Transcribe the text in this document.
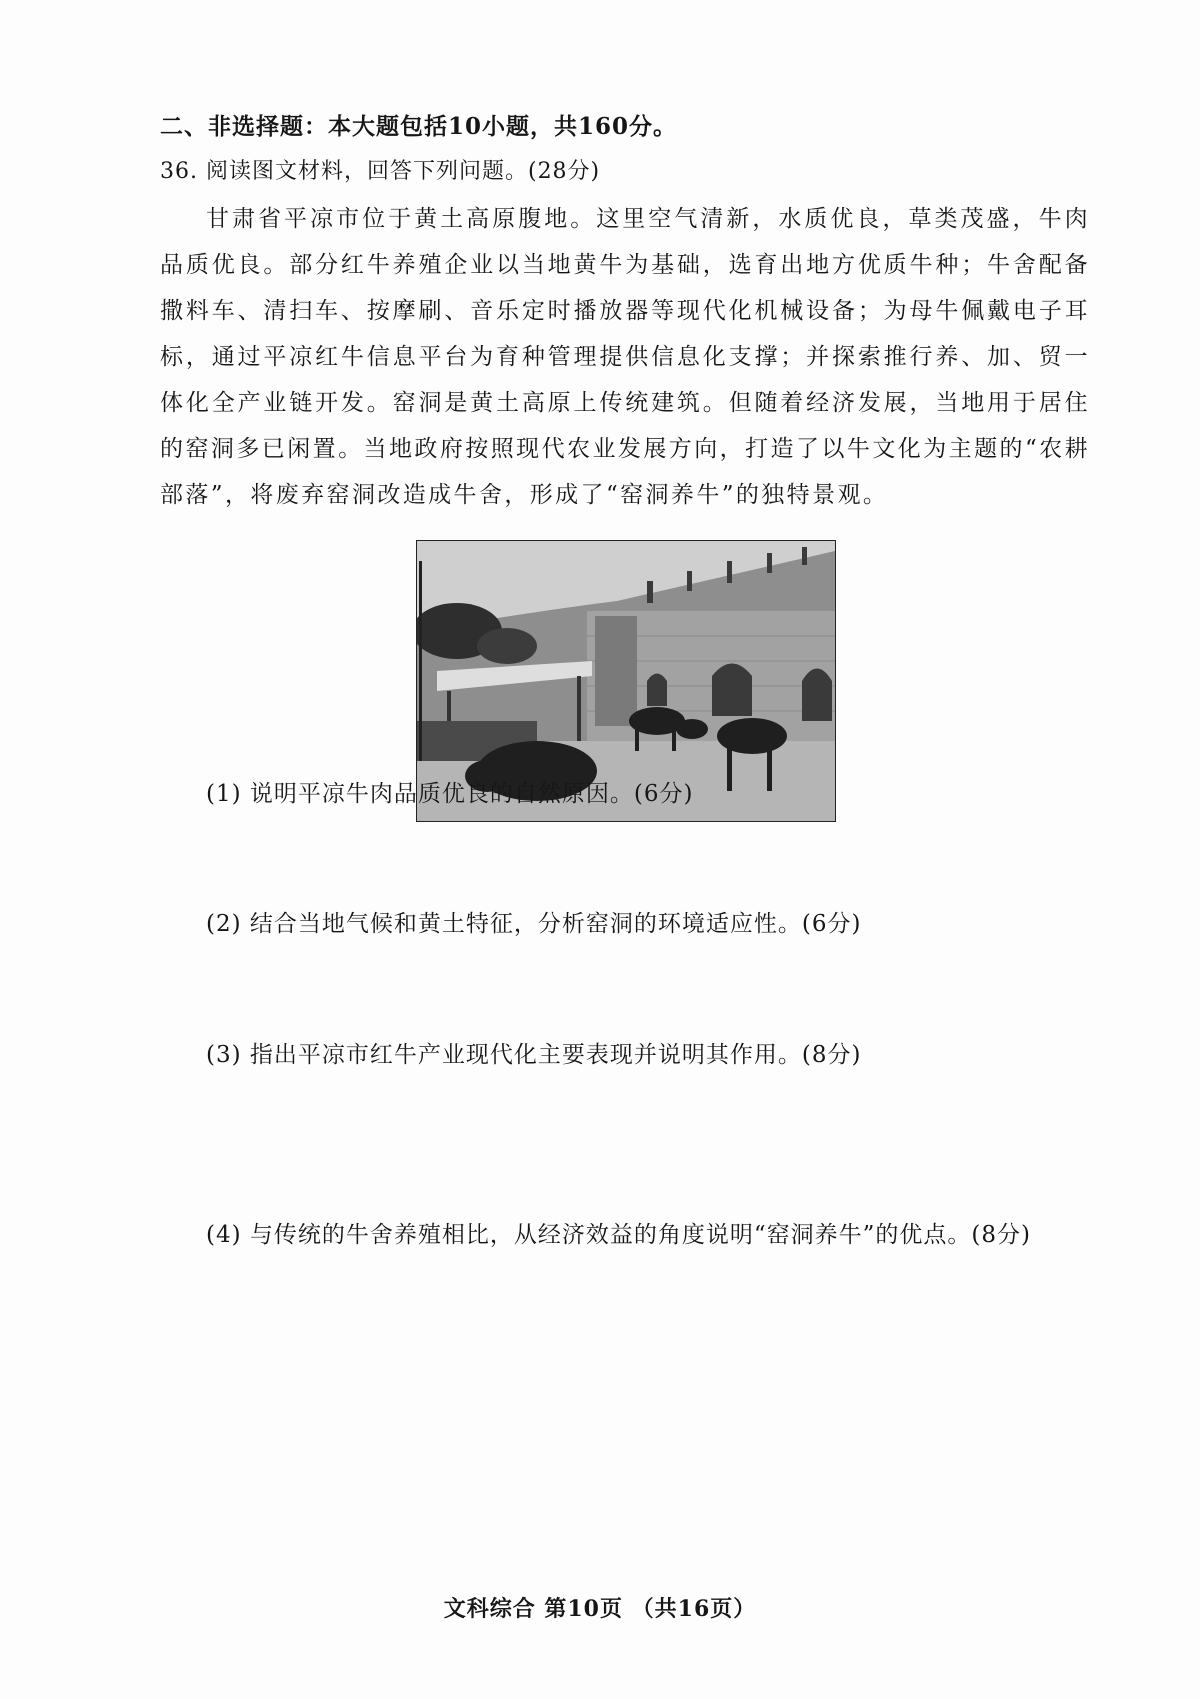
二、非选择题：本大题包括10小题，共160分。
36. 阅读图文材料，回答下列问题。(28分)

甘肃省平凉市位于黄土高原腹地。这里空气清新，水质优良，草类茂盛，牛肉品质优良。部分红牛养殖企业以当地黄牛为基础，选育出地方优质牛种；牛舍配备撒料车、清扫车、按摩刷、音乐定时播放器等现代化机械设备；为母牛佩戴电子耳标，通过平凉红牛信息平台为育种管理提供信息化支撑；并探索推行养、加、贸一体化全产业链开发。窑洞是黄土高原上传统建筑。但随着经济发展，当地用于居住的窑洞多已闲置。当地政府按照现代农业发展方向，打造了以牛文化为主题的“农耕部落”，将废弃窑洞改造成牛舍，形成了“窑洞养牛”的独特景观。

(1) 说明平凉牛肉品质优良的自然原因。(6分)

(2) 结合当地气候和黄土特征，分析窑洞的环境适应性。(6分)

(3) 指出平凉市红牛产业现代化主要表现并说明其作用。(8分)

(4) 与传统的牛舍养殖相比，从经济效益的角度说明“窑洞养牛”的优点。(8分)

文科综合 第10页 （共16页）
